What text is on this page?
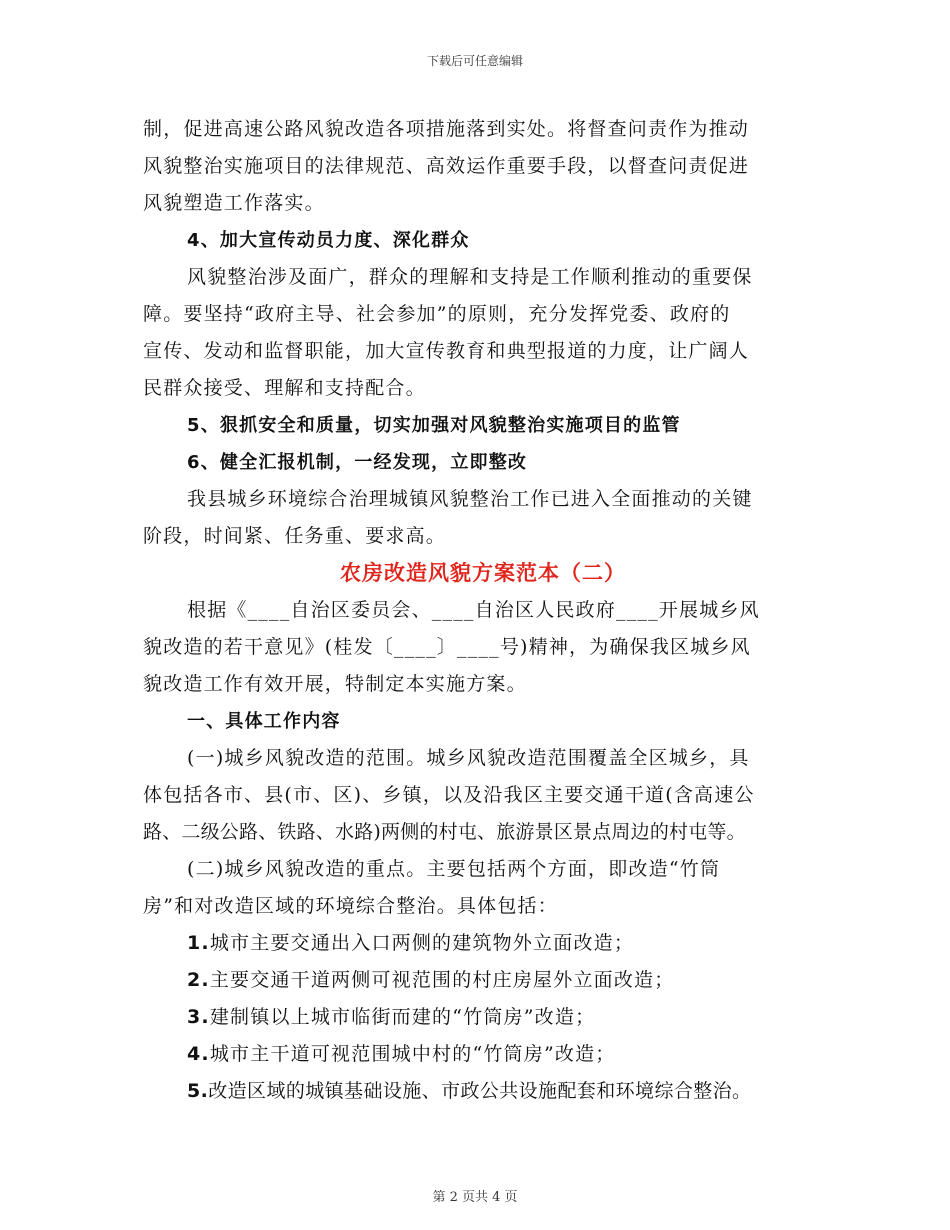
下载后可任意编辑
制，促进高速公路风貌改造各项措施落到实处。将督查问责作为推动
风貌整治实施项目的法律规范、高效运作重要手段，以督查问责促进
风貌塑造工作落实。
4、加大宣传动员力度、深化群众
风貌整治涉及面广，群众的理解和支持是工作顺利推动的重要保
障。要坚持“政府主导、社会参加”的原则，充分发挥党委、政府的
宣传、发动和监督职能，加大宣传教育和典型报道的力度，让广阔人
民群众接受、理解和支持配合。
5、狠抓安全和质量，切实加强对风貌整治实施项目的监管
6、健全汇报机制，一经发现，立即整改
我县城乡环境综合治理城镇风貌整治工作已进入全面推动的关键
阶段，时间紧、任务重、要求高。
农房改造风貌方案范本（二）
根据《____自治区委员会、____自治区人民政府____开展城乡风
貌改造的若干意见》(桂发〔____〕____号)精神，为确保我区城乡风
貌改造工作有效开展，特制定本实施方案。
一、具体工作内容
(一)城乡风貌改造的范围。城乡风貌改造范围覆盖全区城乡，具
体包括各市、县(市、区)、乡镇，以及沿我区主要交通干道(含高速公
路、二级公路、铁路、水路)两侧的村屯、旅游景区景点周边的村屯等。
(二)城乡风貌改造的重点。主要包括两个方面，即改造“竹筒
房”和对改造区域的环境综合整治。具体包括：
1.城市主要交通出入口两侧的建筑物外立面改造；
2.主要交通干道两侧可视范围的村庄房屋外立面改造；
3.建制镇以上城市临街而建的“竹筒房”改造；
4.城市主干道可视范围城中村的“竹筒房”改造；
5.改造区域的城镇基础设施、市政公共设施配套和环境综合整治。
第 2 页共 4 页
